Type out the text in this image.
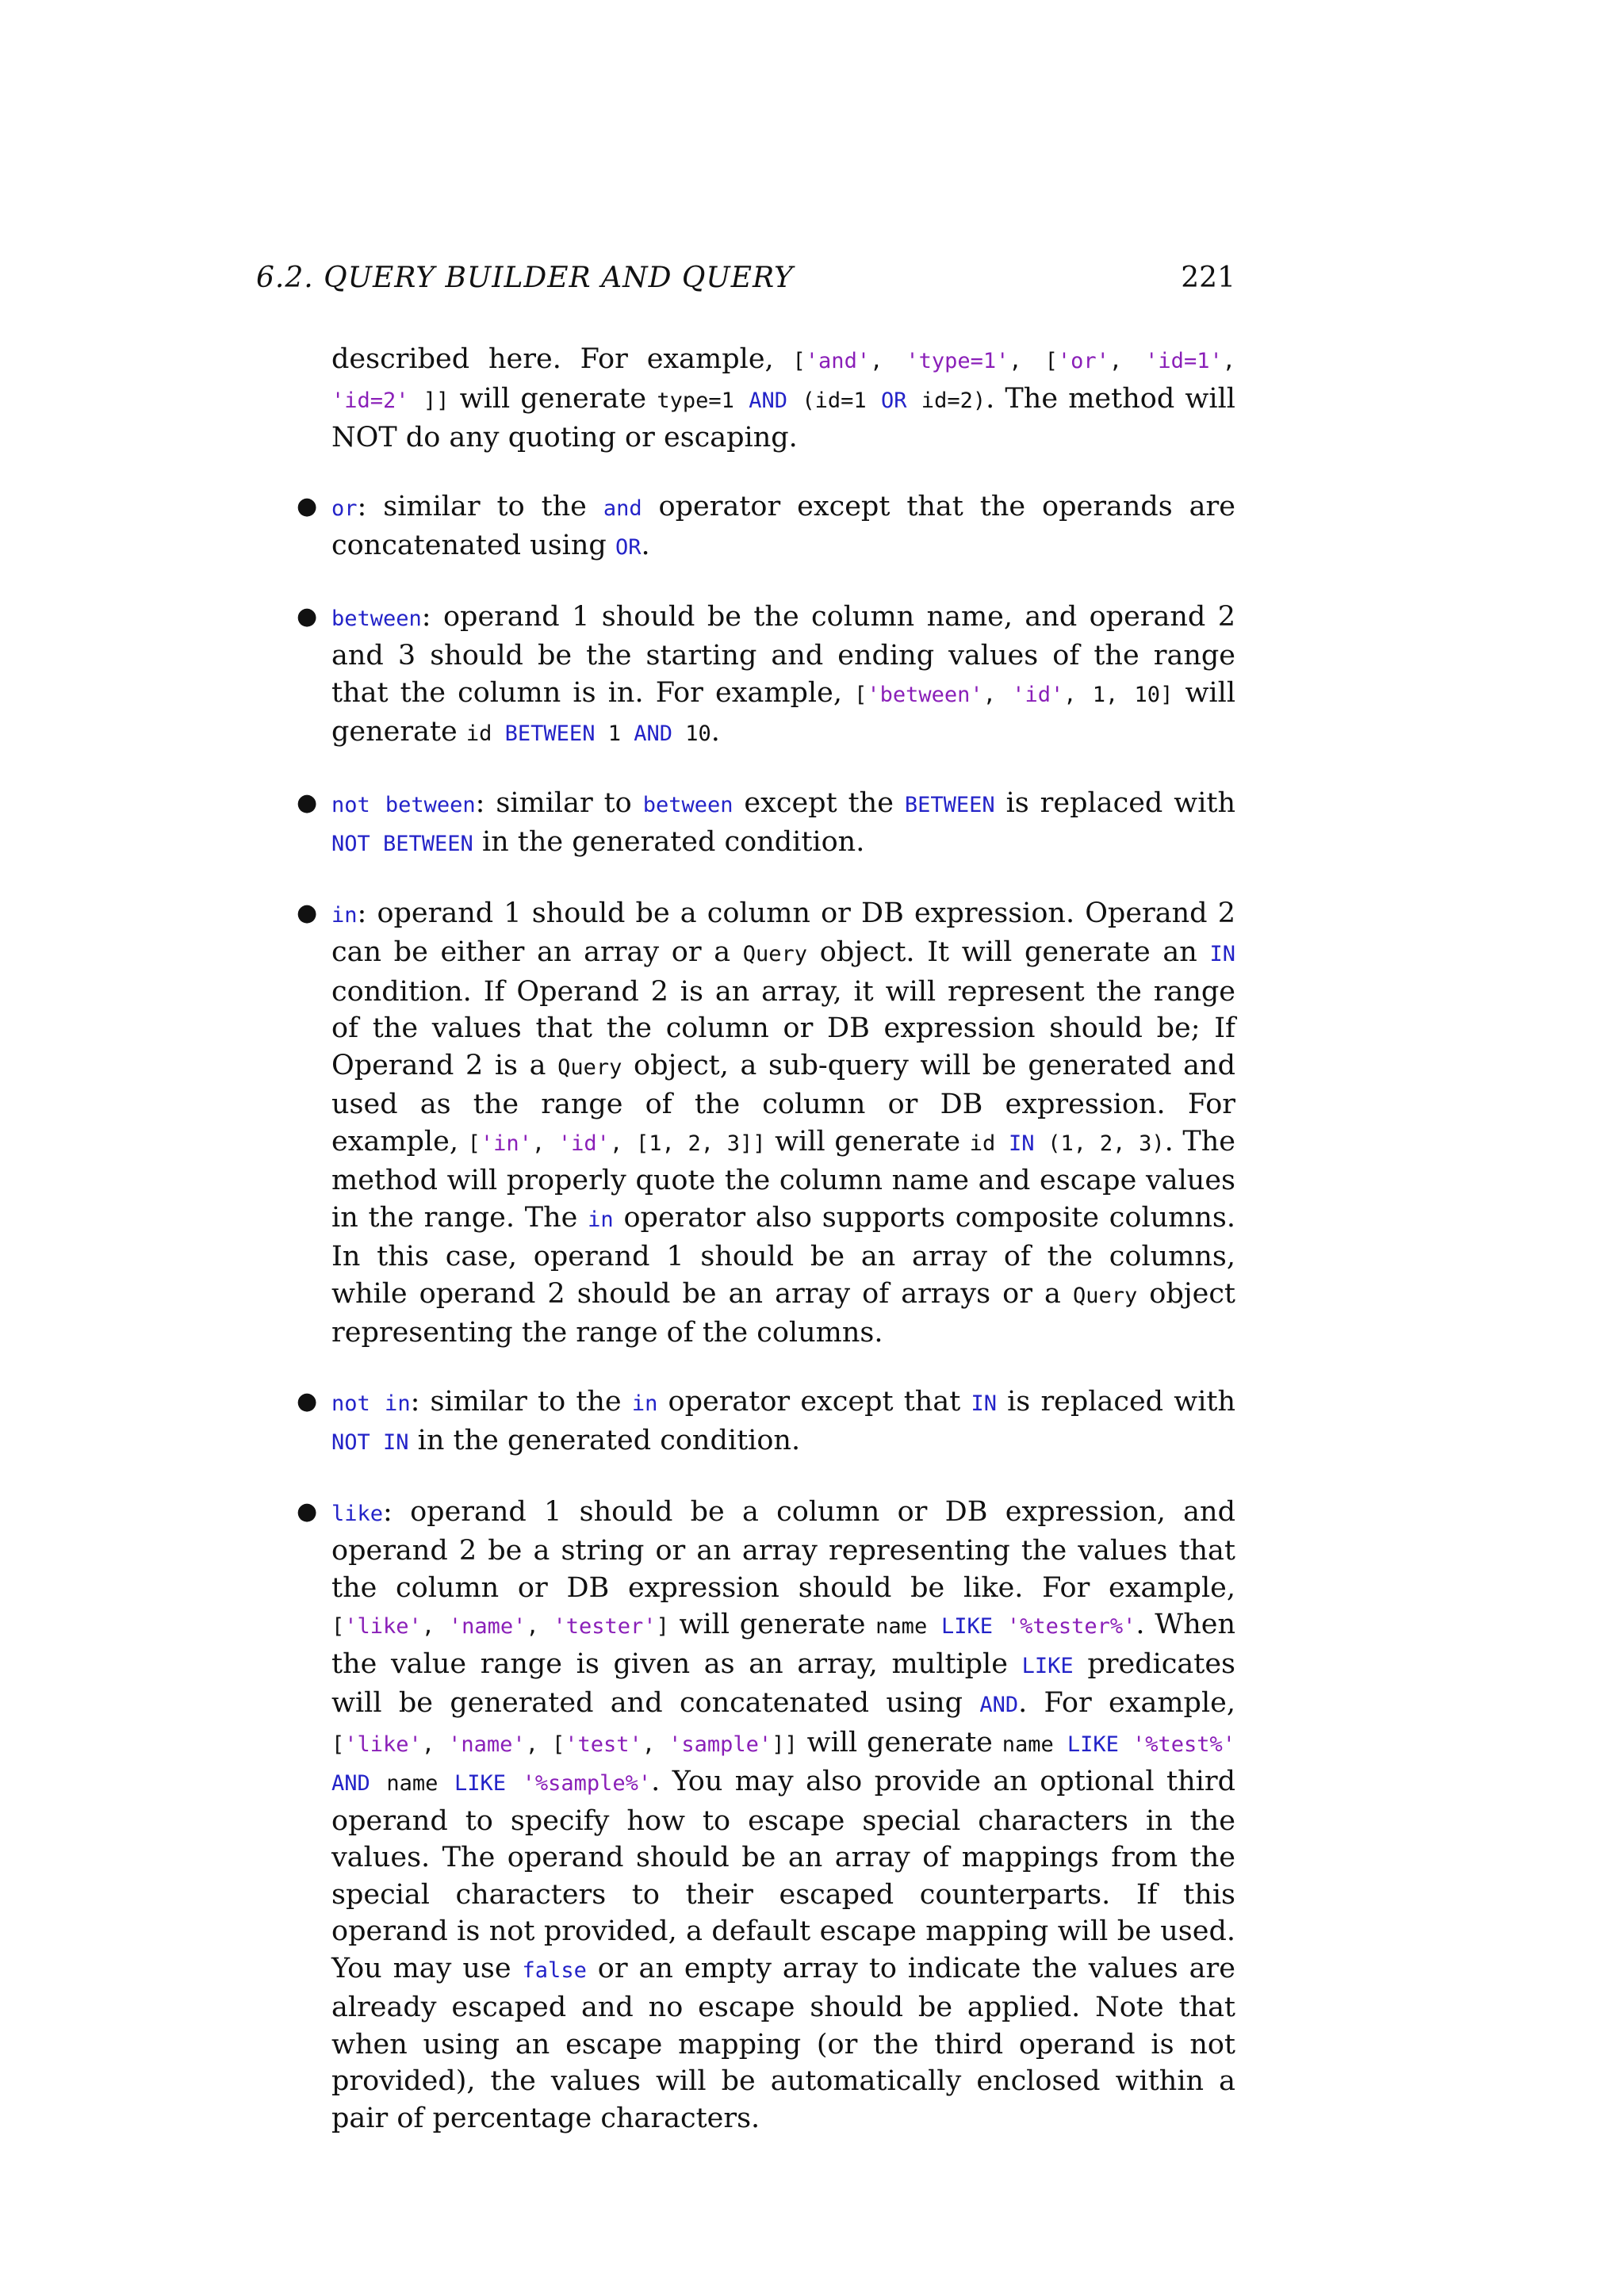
6.2. QUERY BUILDER AND QUERY	221
described here. For example, ['and', 'type=1', ['or', 'id=1', 'id=2' ]] will generate type=1 AND (id=1 OR id=2). The method will NOT do any quoting or escaping.
● or: similar to the and operator except that the operands are concatenated using OR.
● between: operand 1 should be the column name, and operand 2 and 3 should be the starting and ending values of the range that the column is in. For example, ['between', 'id', 1, 10] will generate id BETWEEN 1 AND 10.
● not between: similar to between except the BETWEEN is replaced with NOT BETWEEN in the generated condition.
● in: operand 1 should be a column or DB expression. Operand 2 can be either an array or a Query object. It will generate an IN condition. If Operand 2 is an array, it will represent the range of the values that the column or DB expression should be; If Operand 2 is a Query object, a sub-query will be generated and used as the range of the column or DB expression. For example, ['in', 'id', [1, 2, 3]] will generate id IN (1, 2, 3). The method will properly quote the column name and escape values in the range. The in operator also supports composite columns. In this case, operand 1 should be an array of the columns, while operand 2 should be an array of arrays or a Query object representing the range of the columns.
● not in: similar to the in operator except that IN is replaced with NOT IN in the generated condition.
● like: operand 1 should be a column or DB expression, and operand 2 be a string or an array representing the values that the column or DB expression should be like. For example, ['like', 'name', 'tester'] will generate name LIKE '%tester%'. When the value range is given as an array, multiple LIKE predicates will be generated and concatenated using AND. For example, ['like', 'name', ['test', 'sample']] will generate name LIKE '%test%' AND name LIKE '%sample%'. You may also provide an optional third operand to specify how to escape special characters in the values. The operand should be an array of mappings from the special characters to their escaped counterparts. If this operand is not provided, a default escape mapping will be used. You may use false or an empty array to indicate the values are already escaped and no escape should be applied. Note that when using an escape mapping (or the third operand is not provided), the values will be automatically enclosed within a pair of percentage characters.
